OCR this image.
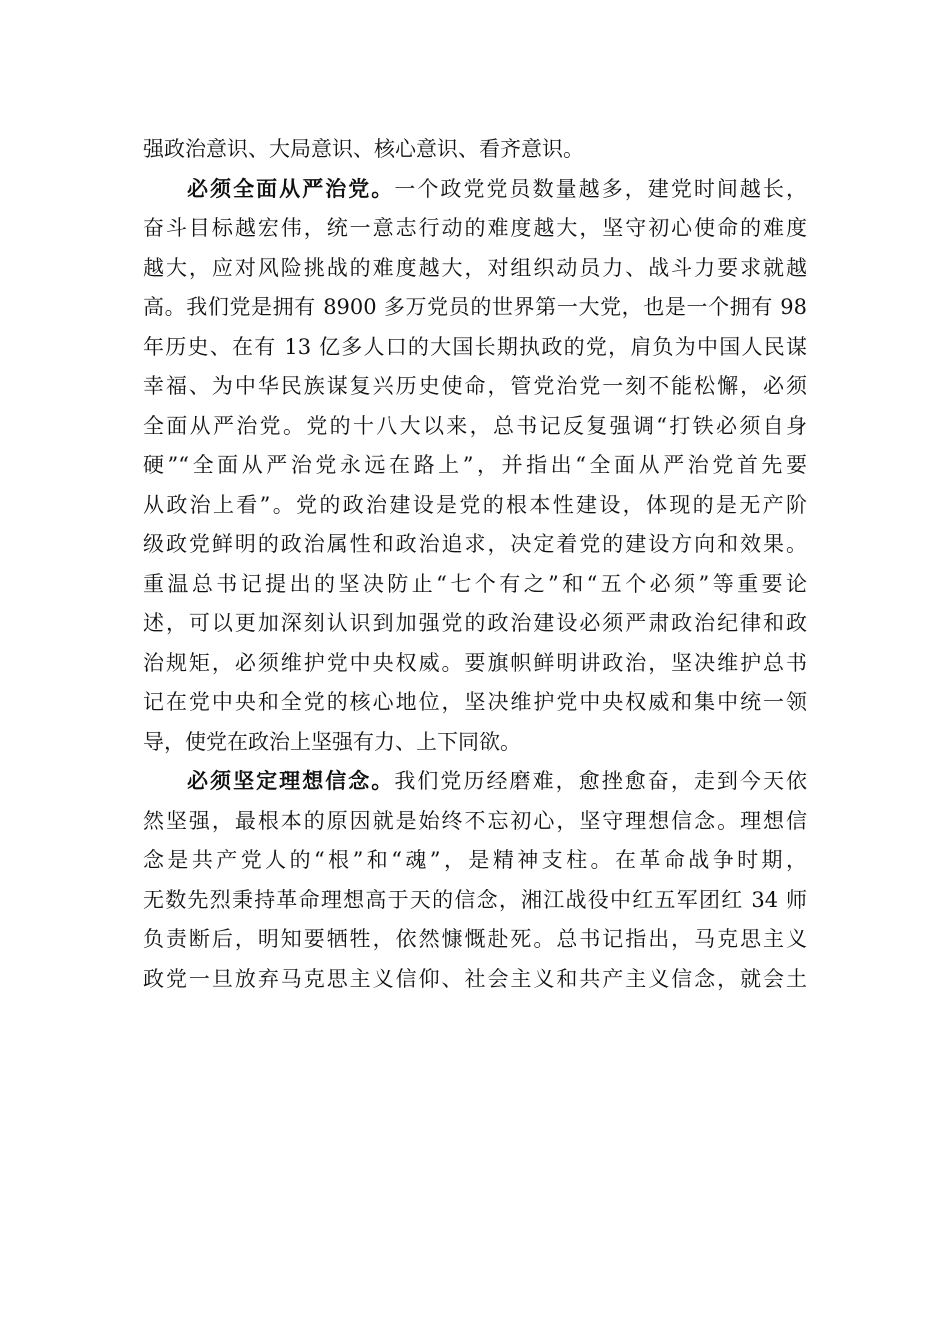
强政治意识、大局意识、核心意识、看齐意识。
必须全面从严治党。一个政党党员数量越多，建党时间越长，
奋斗目标越宏伟，统一意志行动的难度越大，坚守初心使命的难度
越大，应对风险挑战的难度越大，对组织动员力、战斗力要求就越
高。我们党是拥有 8900 多万党员的世界第一大党，也是一个拥有 98
年历史、在有 13 亿多人口的大国长期执政的党，肩负为中国人民谋
幸福、为中华民族谋复兴历史使命，管党治党一刻不能松懈，必须
全面从严治党。党的十八大以来，总书记反复强调“打铁必须自身
硬”“全面从严治党永远在路上”，并指出“全面从严治党首先要
从政治上看”。党的政治建设是党的根本性建设，体现的是无产阶
级政党鲜明的政治属性和政治追求，决定着党的建设方向和效果。
重温总书记提出的坚决防止“七个有之”和“五个必须”等重要论
述，可以更加深刻认识到加强党的政治建设必须严肃政治纪律和政
治规矩，必须维护党中央权威。要旗帜鲜明讲政治，坚决维护总书
记在党中央和全党的核心地位，坚决维护党中央权威和集中统一领
导，使党在政治上坚强有力、上下同欲。
必须坚定理想信念。我们党历经磨难，愈挫愈奋，走到今天依
然坚强，最根本的原因就是始终不忘初心，坚守理想信念。理想信
念是共产党人的“根”和“魂”，是精神支柱。在革命战争时期，
无数先烈秉持革命理想高于天的信念，湘江战役中红五军团红 34 师
负责断后，明知要牺牲，依然慷慨赴死。总书记指出，马克思主义
政党一旦放弃马克思主义信仰、社会主义和共产主义信念，就会土
